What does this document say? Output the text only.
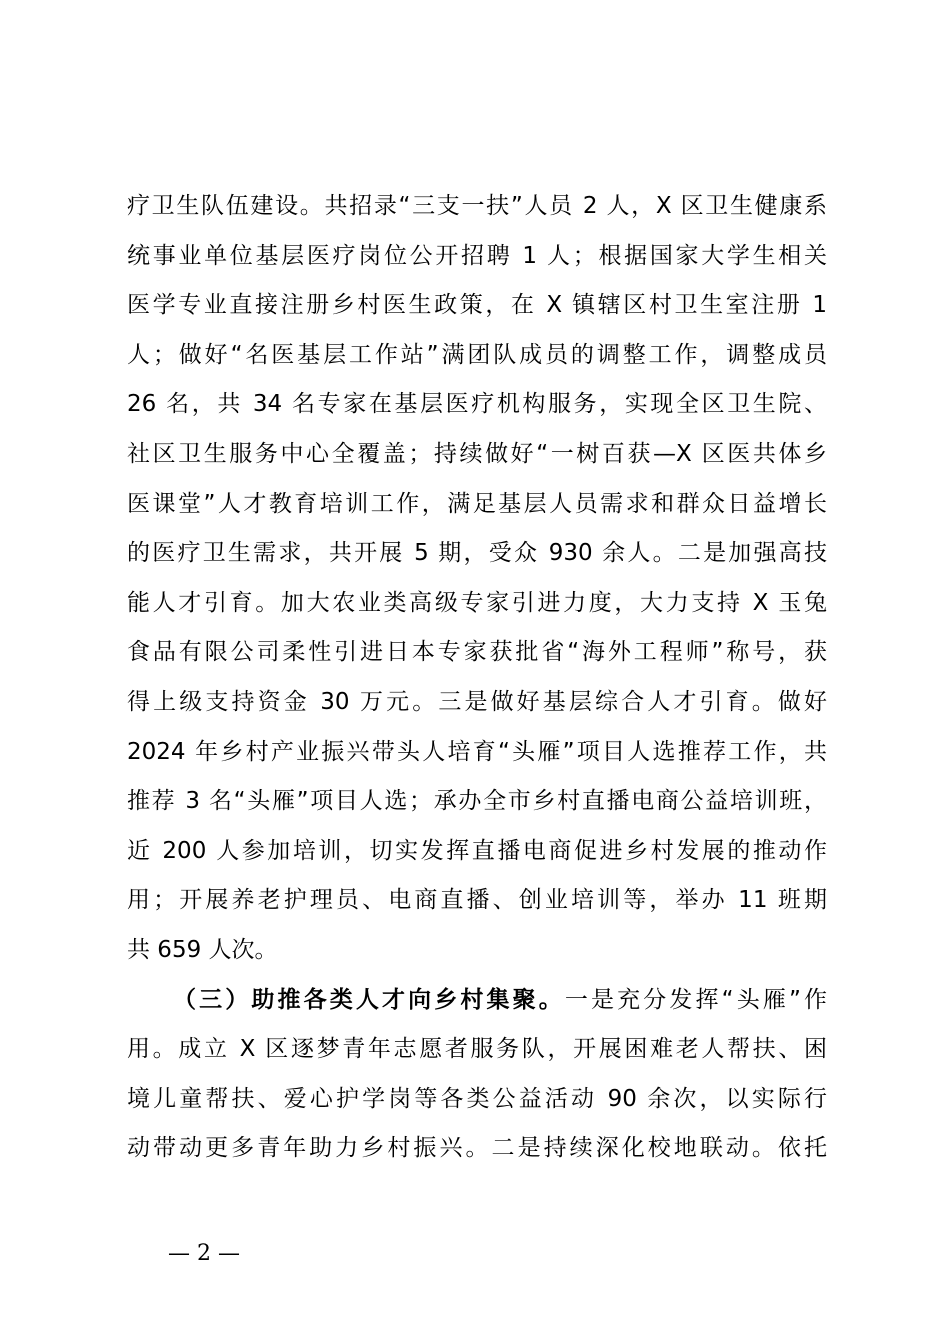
疗卫生队伍建设。共招录“三支一扶”人员 2 人，X 区卫生健康系
统事业单位基层医疗岗位公开招聘 1 人；根据国家大学生相关
医学专业直接注册乡村医生政策，在 X 镇辖区村卫生室注册 1
人；做好“名医基层工作站”满团队成员的调整工作，调整成员
26 名，共 34 名专家在基层医疗机构服务，实现全区卫生院、
社区卫生服务中心全覆盖；持续做好“一树百获—X 区医共体乡
医课堂”人才教育培训工作，满足基层人员需求和群众日益增长
的医疗卫生需求，共开展 5 期，受众 930 余人。二是加强高技
能人才引育。加大农业类高级专家引进力度，大力支持 X 玉兔
食品有限公司柔性引进日本专家获批省“海外工程师”称号，获
得上级支持资金 30 万元。三是做好基层综合人才引育。做好
2024 年乡村产业振兴带头人培育“头雁”项目人选推荐工作，共
推荐 3 名“头雁”项目人选；承办全市乡村直播电商公益培训班，
近 200 人参加培训，切实发挥直播电商促进乡村发展的推动作
用；开展养老护理员、电商直播、创业培训等，举办 11 班期
共 659 人次。
（三）助推各类人才向乡村集聚。一是充分发挥“头雁”作
用。成立 X 区逐梦青年志愿者服务队，开展困难老人帮扶、困
境儿童帮扶、爱心护学岗等各类公益活动 90 余次，以实际行
动带动更多青年助力乡村振兴。二是持续深化校地联动。依托
— 2 —
